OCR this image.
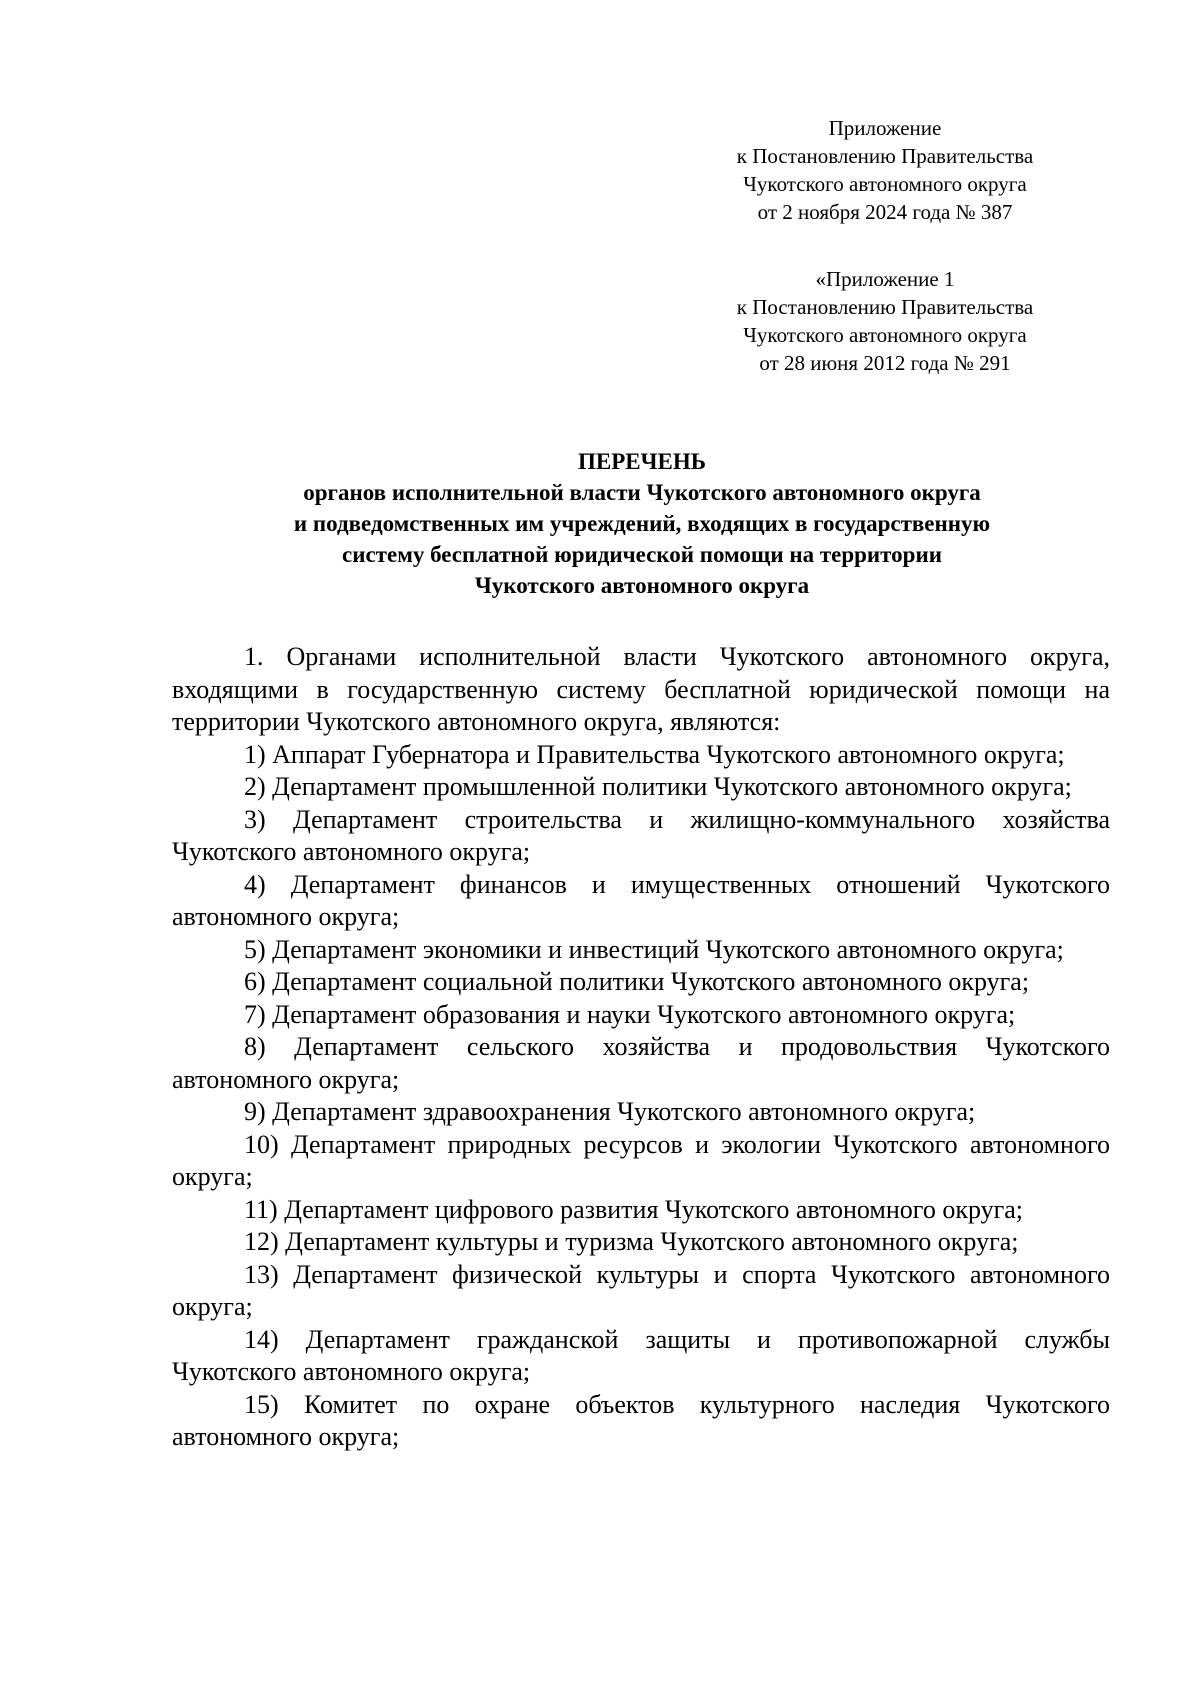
Приложение
к Постановлению Правительства
Чукотского автономного округа
от 2 ноября 2024 года № 387
«Приложение 1
к Постановлению Правительства
Чукотского автономного округа
от 28 июня 2012 года № 291
ПЕРЕЧЕНЬ
органов исполнительной власти Чукотского автономного округа
и подведомственных им учреждений, входящих в государственную
систему бесплатной юридической помощи на территории
Чукотского автономного округа

1. Органами исполнительной власти Чукотского автономного округа, входящими в государственную систему бесплатной юридической помощи на территории Чукотского автономного округа, являются:

1) Аппарат Губернатора и Правительства Чукотского автономного округа;

2) Департамент промышленной политики Чукотского автономного округа;

3) Департамент строительства и жилищно-коммунального хозяйства Чукотского автономного округа;

4) Департамент финансов и имущественных отношений Чукотского автономного округа;

5) Департамент экономики и инвестиций Чукотского автономного округа;

6) Департамент социальной политики Чукотского автономного округа;

7) Департамент образования и науки Чукотского автономного округа;

8) Департамент сельского хозяйства и продовольствия Чукотского автономного округа;

9) Департамент здравоохранения Чукотского автономного округа;

10) Департамент природных ресурсов и экологии Чукотского автономного округа;

11) Департамент цифрового развития Чукотского автономного округа;

12) Департамент культуры и туризма Чукотского автономного округа;

13) Департамент физической культуры и спорта Чукотского автономного округа;

14) Департамент гражданской защиты и противопожарной службы Чукотского автономного округа;

15) Комитет по охране объектов культурного наследия Чукотского автономного округа;
